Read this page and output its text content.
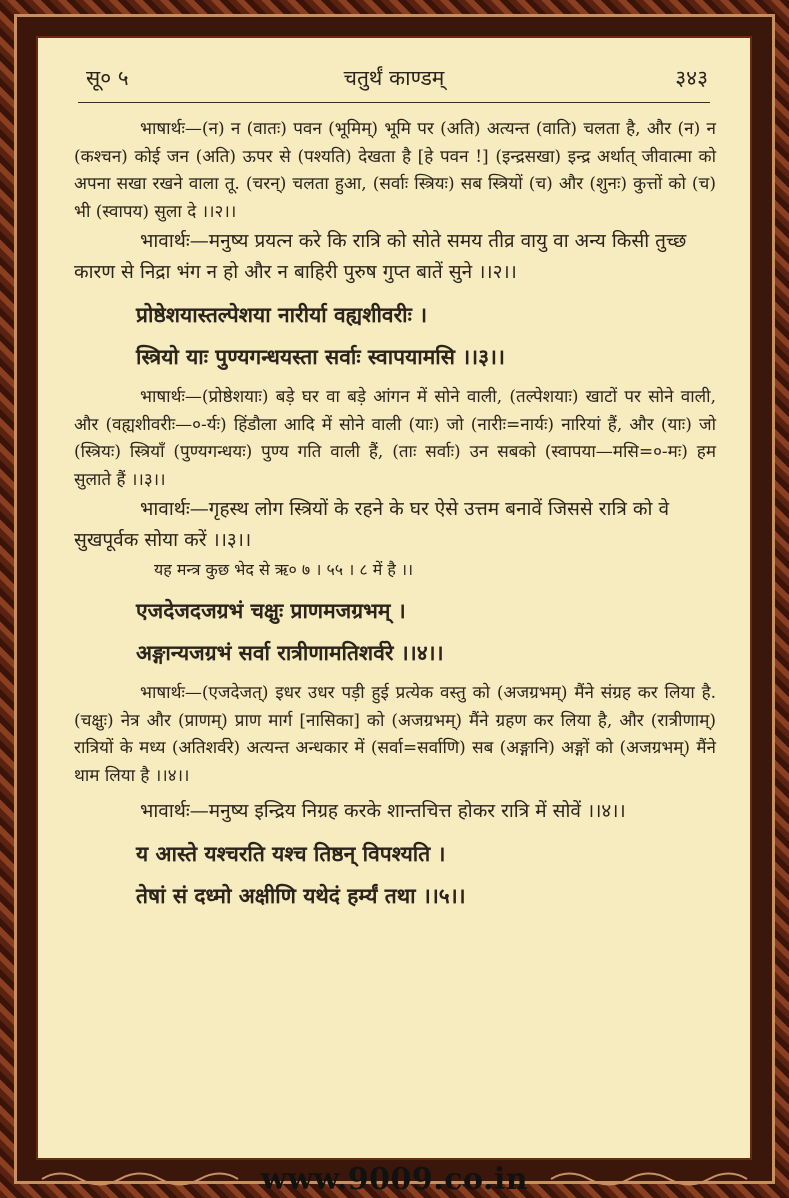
सू० ५	चतुर्थं काण्डम्	३४३

भाषार्थः—(न) न (वातः) पवन (भूमिम्) भूमि पर (अति) अत्यन्त (वाति) चलता है, और (न) न (कश्चन) कोई जन (अति) ऊपर से (पश्यति) देखता है [हे पवन !] (इन्द्रसखा) इन्द्र अर्थात् जीवात्मा को अपना सखा रखने वाला तू. (चरन्) चलता हुआ, (सर्वाः स्त्रियः) सब स्त्रियों (च) और (शुनः) कुत्तों को (च) भी (स्वापय) सुला दे ।।२।।

भावार्थः—मनुष्य प्रयत्न करे कि रात्रि को सोते समय तीव्र वायु वा अन्य किसी तुच्छ कारण से निद्रा भंग न हो और न बाहिरी पुरुष गुप्त बातें सुने ।।२।।

प्रोष्ठेशयास्तल्पेशया नारीर्या वह्यशीवरीः ।

स्त्रियो याः पुण्यगन्धयस्ता सर्वाः स्वापयामसि ।।३।।

भाषार्थः—(प्रोष्ठेशयाः) बड़े घर वा बड़े आंगन में सोने वाली, (तल्पेशयाः) खाटों पर सोने वाली, और (वह्यशीवरीः—०-र्यः) हिंडौला आदि में सोने वाली (याः) जो (नारीः=नार्यः) नारियां हैं, और (याः) जो (स्त्रियः) स्त्रियाँ (पुण्यगन्धयः) पुण्य गति वाली हैं, (ताः सर्वाः) उन सबको (स्वापया—मसि=०-मः) हम सुलाते हैं ।।३।।

भावार्थः—गृहस्थ लोग स्त्रियों के रहने के घर ऐसे उत्तम बनावें जिससे रात्रि को वे सुखपूर्वक सोया करें ।।३।।

यह मन्त्र कुछ भेद से ऋ० ७ । ५५ । ८ में है ।।

एजदेजदजग्रभं चक्षुः प्राणमजग्रभम् ।

अङ्गान्यजग्रभं सर्वा रात्रीणामतिशर्वरे ।।४।।

भाषार्थः—(एजदेजत्) इधर उधर पड़ी हुई प्रत्येक वस्तु को (अजग्रभम्) मैंने संग्रह कर लिया है. (चक्षुः) नेत्र और (प्राणम्) प्राण मार्ग [नासिका] को (अजग्रभम्) मैंने ग्रहण कर लिया है, और (रात्रीणाम्) रात्रियों के मध्य (अतिशर्वरे) अत्यन्त अन्धकार में (सर्वा=सर्वाणि) सब (अङ्गानि) अङ्गों को (अजग्रभम्) मैंने थाम लिया है ।।४।।

भावार्थः—मनुष्य इन्द्रिय निग्रह करके शान्तचित्त होकर रात्रि में सोवें ।।४।।

य आस्ते यश्चरति यश्च तिष्ठन् विपश्यति ।

तेषां सं दध्मो अक्षीणि यथेदं हर्म्यं तथा ।।५।।

www.9009.co.in
